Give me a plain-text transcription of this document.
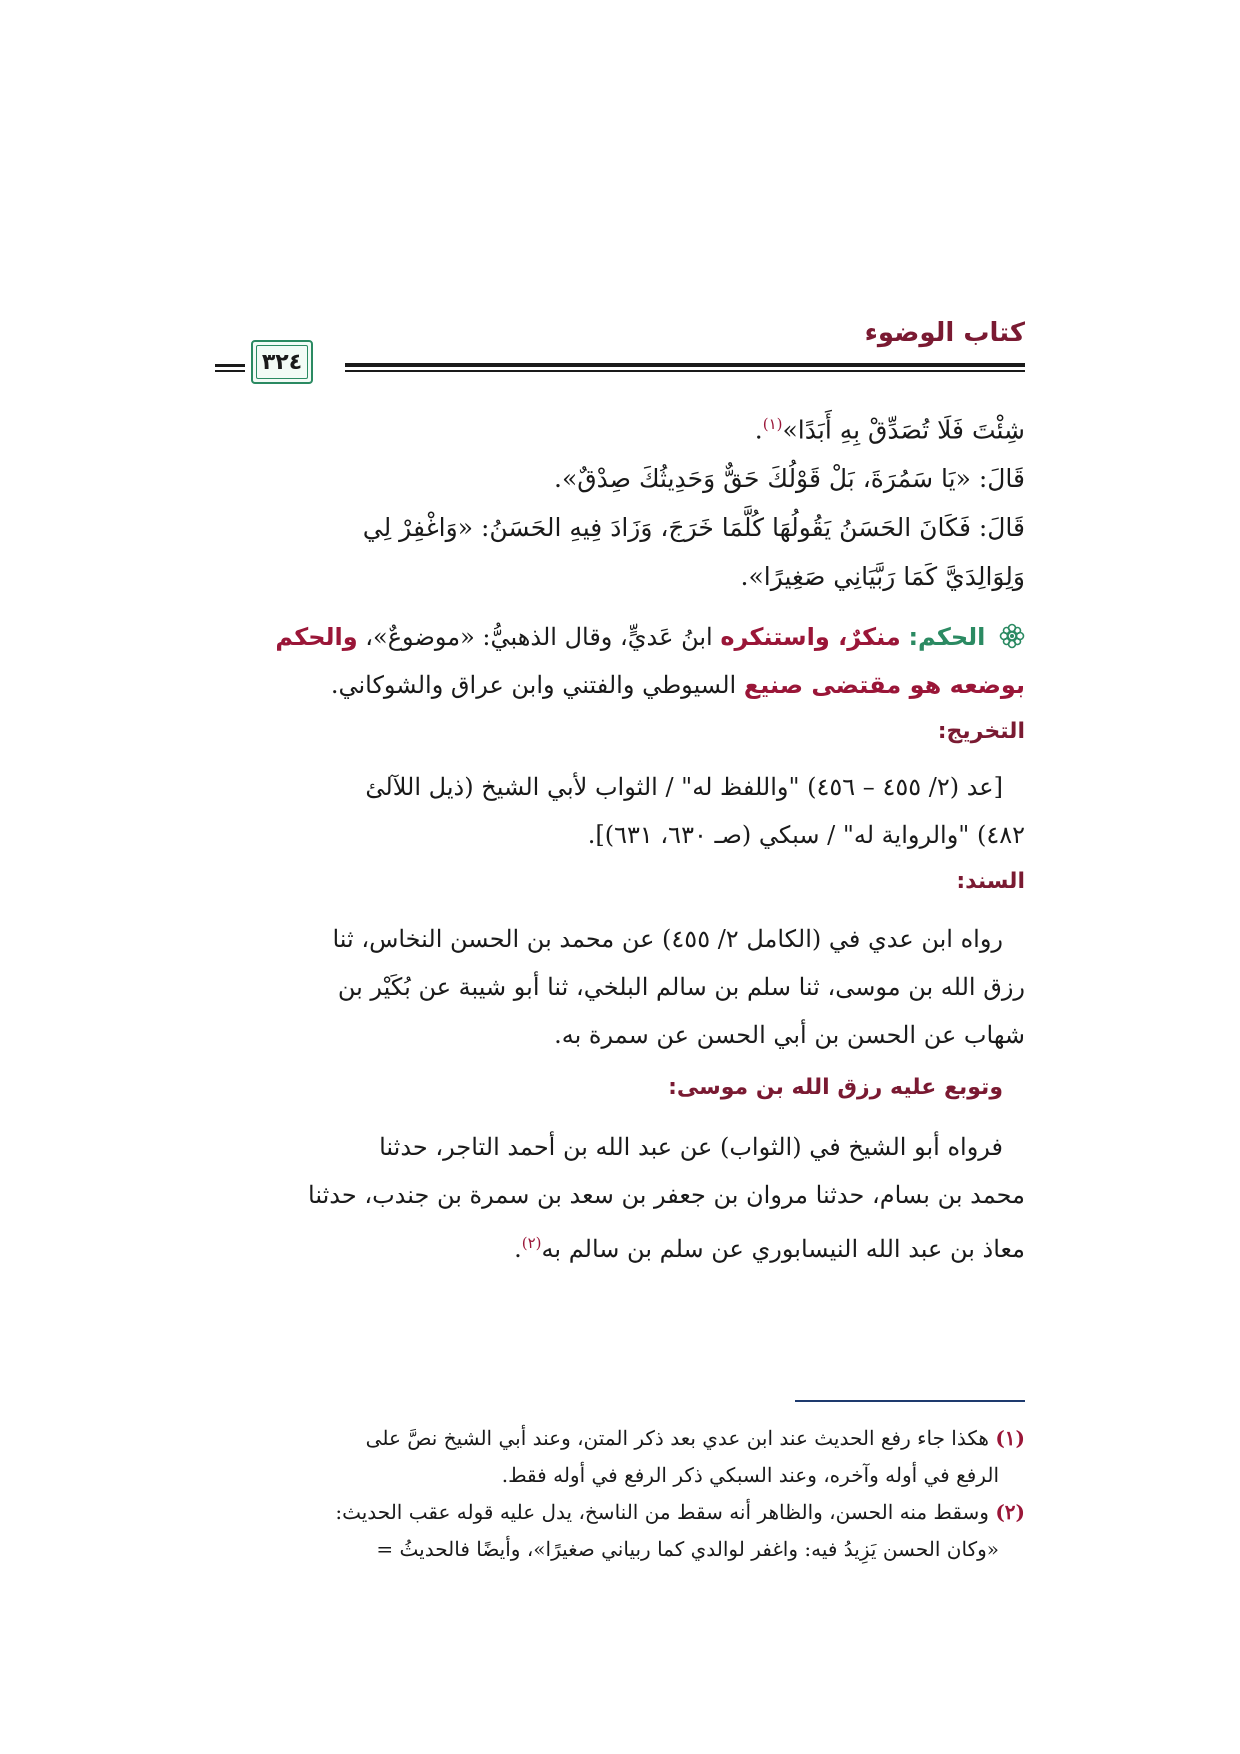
كتاب الوضوء
٣٢٤
شِئْتَ فَلَا تُصَدِّقْ بِهِ أَبَدًا»$^{(١)}$.
قَالَ: «يَا سَمُرَةَ، بَلْ قَوْلُكَ حَقٌّ وَحَدِيثُكَ صِدْقٌ».
قَالَ: فَكَانَ الحَسَنُ يَقُولُهَا كُلَّمَا خَرَجَ، وَزَادَ فِيهِ الحَسَنُ: «وَاغْفِرْ لِي
وَلِوَالِدَيَّ كَمَا رَبَّيَانِي صَغِيرًا».
الحكم: منكرٌ، واستنكره ابنُ عَديٍّ، وقال الذهبيُّ: «موضوعٌ»، والحكم
بوضعه هو مقتضى صنيع السيوطي والفتني وابن عراق والشوكاني.
التخريج:
[عد (٢/ ٤٥٥ – ٤٥٦) "واللفظ له" / الثواب لأبي الشيخ (ذيل اللآلئ
٤٨٢) "والرواية له" / سبكي (صـ ٦٣٠، ٦٣١)].
السند:
رواه ابن عدي في (الكامل ٢/ ٤٥٥) عن محمد بن الحسن النخاس، ثنا
رزق الله بن موسى، ثنا سلم بن سالم البلخي، ثنا أبو شيبة عن بُكَيْر بن
شهاب عن الحسن بن أبي الحسن عن سمرة به.
وتوبع عليه رزق الله بن موسى:
فرواه أبو الشيخ في (الثواب) عن عبد الله بن أحمد التاجر، حدثنا
محمد بن بسام، حدثنا مروان بن جعفر بن سعد بن سمرة بن جندب، حدثنا
معاذ بن عبد الله النيسابوري عن سلم بن سالم به$^{(٢)}$.
(١) هكذا جاء رفع الحديث عند ابن عدي بعد ذكر المتن، وعند أبي الشيخ نصَّ على
الرفع في أوله وآخره، وعند السبكي ذكر الرفع في أوله فقط.
(٢) وسقط منه الحسن، والظاهر أنه سقط من الناسخ، يدل عليه قوله عقب الحديث:
«وكان الحسن يَزِيدُ فيه: واغفر لوالدي كما ربياني صغيرًا»، وأيضًا فالحديثُ =
